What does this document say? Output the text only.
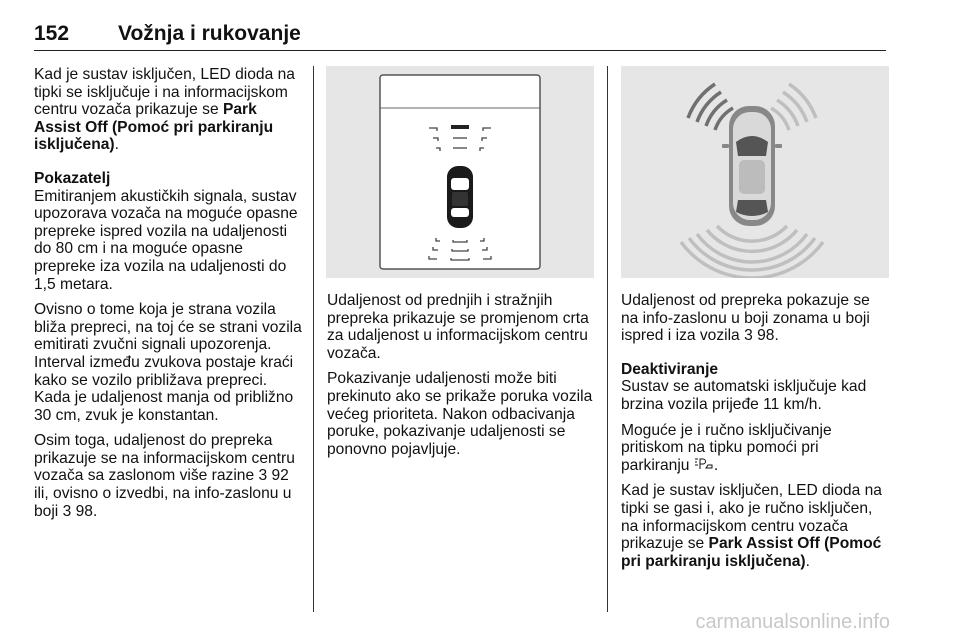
152 Vožnja i rukovanje

Kad je sustav isključen, LED dioda na tipki se isključuje i na informacijskom centru vozača prikazuje se Park Assist Off (Pomoć pri parkiranju isključena).

Pokazatelj
Emitiranjem akustičkih signala, sustav upozorava vozača na moguće opasne prepreke ispred vozila na udaljenosti do 80 cm i na moguće opasne prepreke iza vozila na udaljenosti do 1,5 metara.

Ovisno o tome koja je strana vozila bliža prepreci, na toj će se strani vozila emitirati zvučni signali upozorenja. Interval između zvukova postaje kraći kako se vozilo približava prepreci. Kada je udaljenost manja od približno 30 cm, zvuk je konstantan.

Osim toga, udaljenost do prepreka prikazuje se na informacijskom centru vozača sa zaslonom više razine 3 92 ili, ovisno o izvedbi, na info-zaslonu u boji 3 98.

Udaljenost od prednjih i stražnjih prepreka prikazuje se promjenom crta za udaljenost u informacijskom centru vozača.

Pokazivanje udaljenosti može biti prekinuto ako se prikaže poruka vozila većeg prioriteta. Nakon odbacivanja poruke, pokazivanje udaljenosti se ponovno pojavljuje.

Udaljenost od prepreka pokazuje se na info-zaslonu u boji zonama u boji ispred i iza vozila 3 98.

Deaktiviranje
Sustav se automatski isključuje kad brzina vozila prijeđe 11 km/h.

Moguće je i ručno isključivanje pritiskom na tipku pomoći pri parkiranju .

Kad je sustav isključen, LED dioda na tipki se gasi i, ako je ručno isključen, na informacijskom centru vozača prikazuje se Park Assist Off (Pomoć pri parkiranju isključena).

carmanualsonline.info
